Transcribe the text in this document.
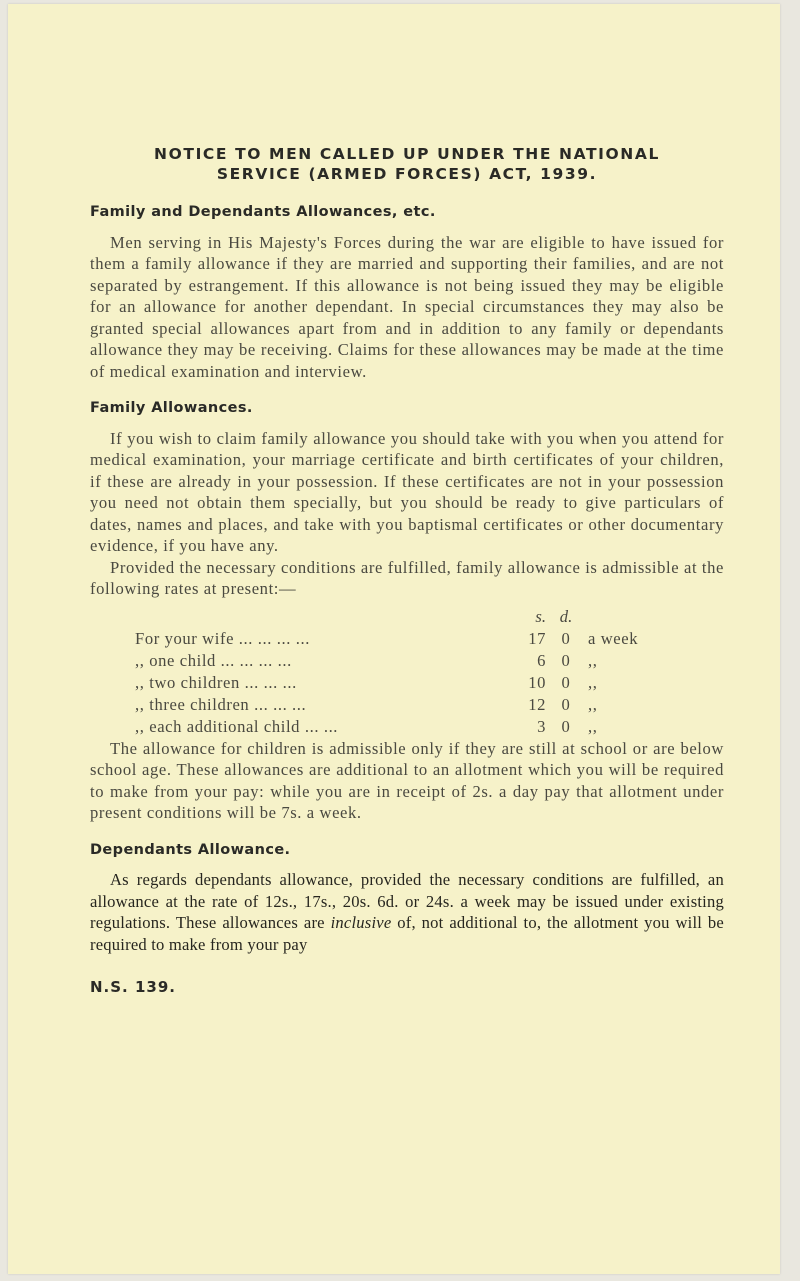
NOTICE TO MEN CALLED UP UNDER THE NATIONAL
SERVICE (ARMED FORCES) ACT, 1939.
Family and Dependants Allowances, etc.

Men serving in His Majesty's Forces during the war are eligible to have issued for them a family allowance if they are married and supporting their families, and are not separated by estrangement. If this allowance is not being issued they may be eligible for an allowance for another dependant. In special circumstances they may also be granted special allowances apart from and in addition to any family or dependants allowance they may be receiving. Claims for these allowances may be made at the time of medical examination and interview.

Family Allowances.

If you wish to claim family allowance you should take with you when you attend for medical examination, your marriage certificate and birth certificates of your children, if these are already in your possession. If these certificates are not in your possession you need not obtain them specially, but you should be ready to give particulars of dates, names and places, and take with you baptismal certificates or other documentary evidence, if you have any.

Provided the necessary conditions are fulfilled, family allowance is admissible at the following rates at present:—

s. d.
For your wife ... ... ... ...	17 0	a week
,, one child ... ... ... ...	6 0	,,
,, two children ... ... ...	10 0	,,
,, three children ... ... ...	12 0	,,
,, each additional child ... ...	3 0	,,

The allowance for children is admissible only if they are still at school or are below school age. These allowances are additional to an allotment which you will be required to make from your pay: while you are in receipt of 2s. a day pay that allotment under present conditions will be 7s. a week.

Dependants Allowance.

As regards dependants allowance, provided the necessary conditions are fulfilled, an allowance at the rate of 12s., 17s., 20s. 6d. or 24s. a week may be issued under existing regulations. These allowances are inclusive of, not additional to, the allotment you will be required to make from your pay

N.S. 139.
